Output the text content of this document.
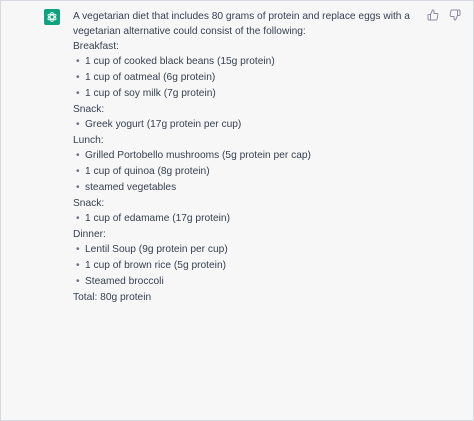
A vegetarian diet that includes 80 grams of protein and replace eggs with a vegetarian alternative could consist of the following:

Breakfast:

• 1 cup of cooked black beans (15g protein)
• 1 cup of oatmeal (6g protein)
• 1 cup of soy milk (7g protein)

Snack:

• Greek yogurt (17g protein per cup)

Lunch:

• Grilled Portobello mushrooms (5g protein per cap)
• 1 cup of quinoa (8g protein)
• steamed vegetables

Snack:

• 1 cup of edamame (17g protein)

Dinner:

• Lentil Soup (9g protein per cup)
• 1 cup of brown rice (5g protein)
• Steamed broccoli

Total: 80g protein
